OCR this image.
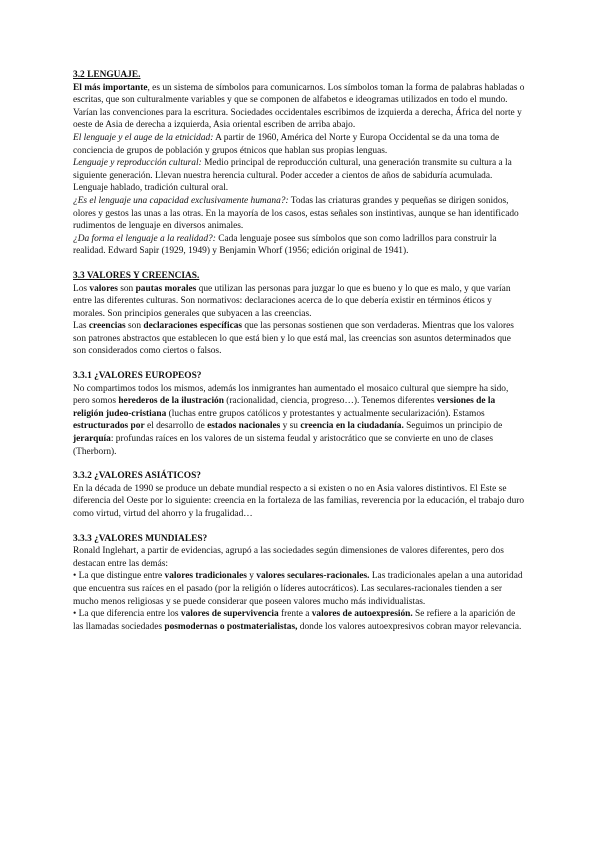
3.2 LENGUAJE.

El más importante, es un sistema de símbolos para comunicarnos. Los símbolos toman la forma de palabras habladas o escritas, que son culturalmente variables y que se componen de alfabetos e ideogramas utilizados en todo el mundo. Varían las convenciones para la escritura. Sociedades occidentales escribimos de izquierda a derecha, África del norte y oeste de Asia de derecha a izquierda, Asia oriental escriben de arriba abajo.

El lenguaje y el auge de la etnicidad: A partir de 1960, América del Norte y Europa Occidental se da una toma de conciencia de grupos de población y grupos étnicos que hablan sus propias lenguas.

Lenguaje y reproducción cultural: Medio principal de reproducción cultural, una generación transmite su cultura a la siguiente generación. Llevan nuestra herencia cultural. Poder acceder a cientos de años de sabiduría acumulada. Lenguaje hablado, tradición cultural oral.

¿Es el lenguaje una capacidad exclusivamente humana?: Todas las criaturas grandes y pequeñas se dirigen sonidos, olores y gestos las unas a las otras. En la mayoría de los casos, estas señales son instintivas, aunque se han identificado rudimentos de lenguaje en diversos animales.

¿Da forma el lenguaje a la realidad?: Cada lenguaje posee sus símbolos que son como ladrillos para construir la realidad. Edward Sapir (1929, 1949) y Benjamin Whorf (1956; edición original de 1941).

3.3 VALORES Y CREENCIAS.

Los valores son pautas morales que utilizan las personas para juzgar lo que es bueno y lo que es malo, y que varían entre las diferentes culturas. Son normativos: declaraciones acerca de lo que debería existir en términos éticos y morales. Son principios generales que subyacen a las creencias.

Las creencias son declaraciones específicas que las personas sostienen que son verdaderas. Mientras que los valores son patrones abstractos que establecen lo que está bien y lo que está mal, las creencias son asuntos determinados que son considerados como ciertos o falsos.

3.3.1 ¿VALORES EUROPEOS?

No compartimos todos los mismos, además los inmigrantes han aumentado el mosaico cultural que siempre ha sido, pero somos herederos de la ilustración (racionalidad, ciencia, progreso…). Tenemos diferentes versiones de la religión judeo-cristiana (luchas entre grupos católicos y protestantes y actualmente secularización). Estamos estructurados por el desarrollo de estados nacionales y su creencia en la ciudadanía. Seguimos un principio de jerarquía: profundas raíces en los valores de un sistema feudal y aristocrático que se convierte en uno de clases (Therborn).

3.3.2 ¿VALORES ASIÁTICOS?

En la década de 1990 se produce un debate mundial respecto a si existen o no en Asia valores distintivos. El Este se diferencia del Oeste por lo siguiente: creencia en la fortaleza de las familias, reverencia por la educación, el trabajo duro como virtud, virtud del ahorro y la frugalidad…

3.3.3 ¿VALORES MUNDIALES?

Ronald Inglehart, a partir de evidencias, agrupó a las sociedades según dimensiones de valores diferentes, pero dos destacan entre las demás:

• La que distingue entre valores tradicionales y valores seculares-racionales. Las tradicionales apelan a una autoridad que encuentra sus raíces en el pasado (por la religión o líderes autocráticos). Las seculares-racionales tienden a ser mucho menos religiosas y se puede considerar que poseen valores mucho más individualistas.

• La que diferencia entre los valores de supervivencia frente a valores de autoexpresión. Se refiere a la aparición de las llamadas sociedades posmodernas o postmaterialistas, donde los valores autoexpresivos cobran mayor relevancia.
